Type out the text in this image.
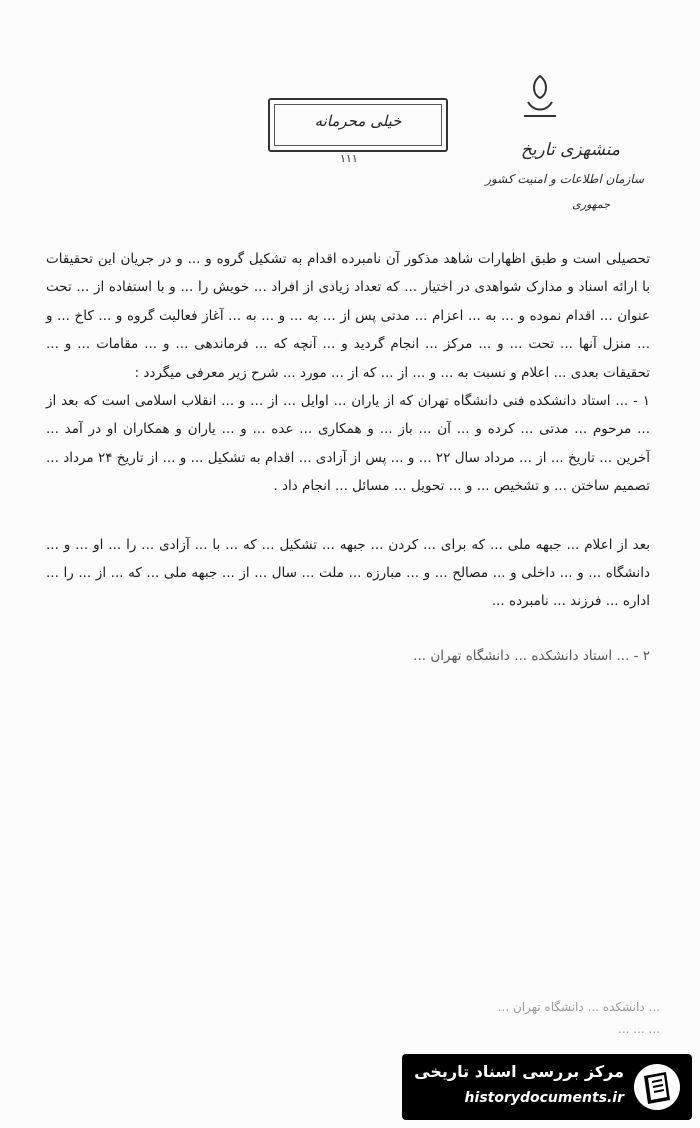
منشهزی تاریخ
سازمان اطلاعات و امنیت کشور
جمهوری
خیلی محرمانه
۱۱۱

تحصیلی است و طبق اظهارات شاهد مذکور آن نامبرده اقدام به تشکیل گروه و ... و در جریان این تحقیقات با ارائه اسناد و مدارک شواهدی در اختیار ... که تعداد زیادی از افراد ... خویش را ... و با استفاده از ... تحت عنوان ... اقدام نموده و ... به ... اعزام ... مدتی پس از ... به ... و ... به ... آغاز فعالیت گروه و ... کاخ ... و ... منزل آنها ... تحت ... و ... مرکز ... انجام گردید و ... آنچه که ... فرماندهی ... و ... مقامات ... و ... تحقیقات بعدی ... اعلام و نسبت به ... و ... از ... که از ... مورد ... شرح زیر معرفی میگردد :

۱ - ... استاد دانشکده فنی دانشگاه تهران که از یاران ... اوایل ... از ... و ... انقلاب اسلامی است که بعد از ... مرحوم ... مدتی ... کرده و ... آن ... باز ... و همکاری ... عده ... و ... یاران و همکاران او در آمد ... آخرین ... تاریخ ... از ... مرداد سال ۲۲ ... و ... پس از آزادی ... اقدام به تشکیل ... و ... از تاریخ ۲۴ مرداد ... تصمیم ساختن ... و تشخیص ... و ... تحویل ... مسائل ... انجام داد .

بعد از اعلام ... جبهه ملی ... که برای ... کردن ... جبهه ... تشکیل ... که ... با ... آزادی ... را ... او ... و ... دانشگاه ... و ... داخلی و ... مصالح ... و ... مبارزه ... ملت ... سال ... از ... جبهه ملی ... که ... از ... را ... اداره ... فرزند ... نامبرده ...

۲ - ... استاد دانشکده ... دانشگاه تهران ...

... دانشکده ... دانشگاه تهران ...
... ... ...
مرکز بررسی اسناد تاریخی
historydocuments.ir
